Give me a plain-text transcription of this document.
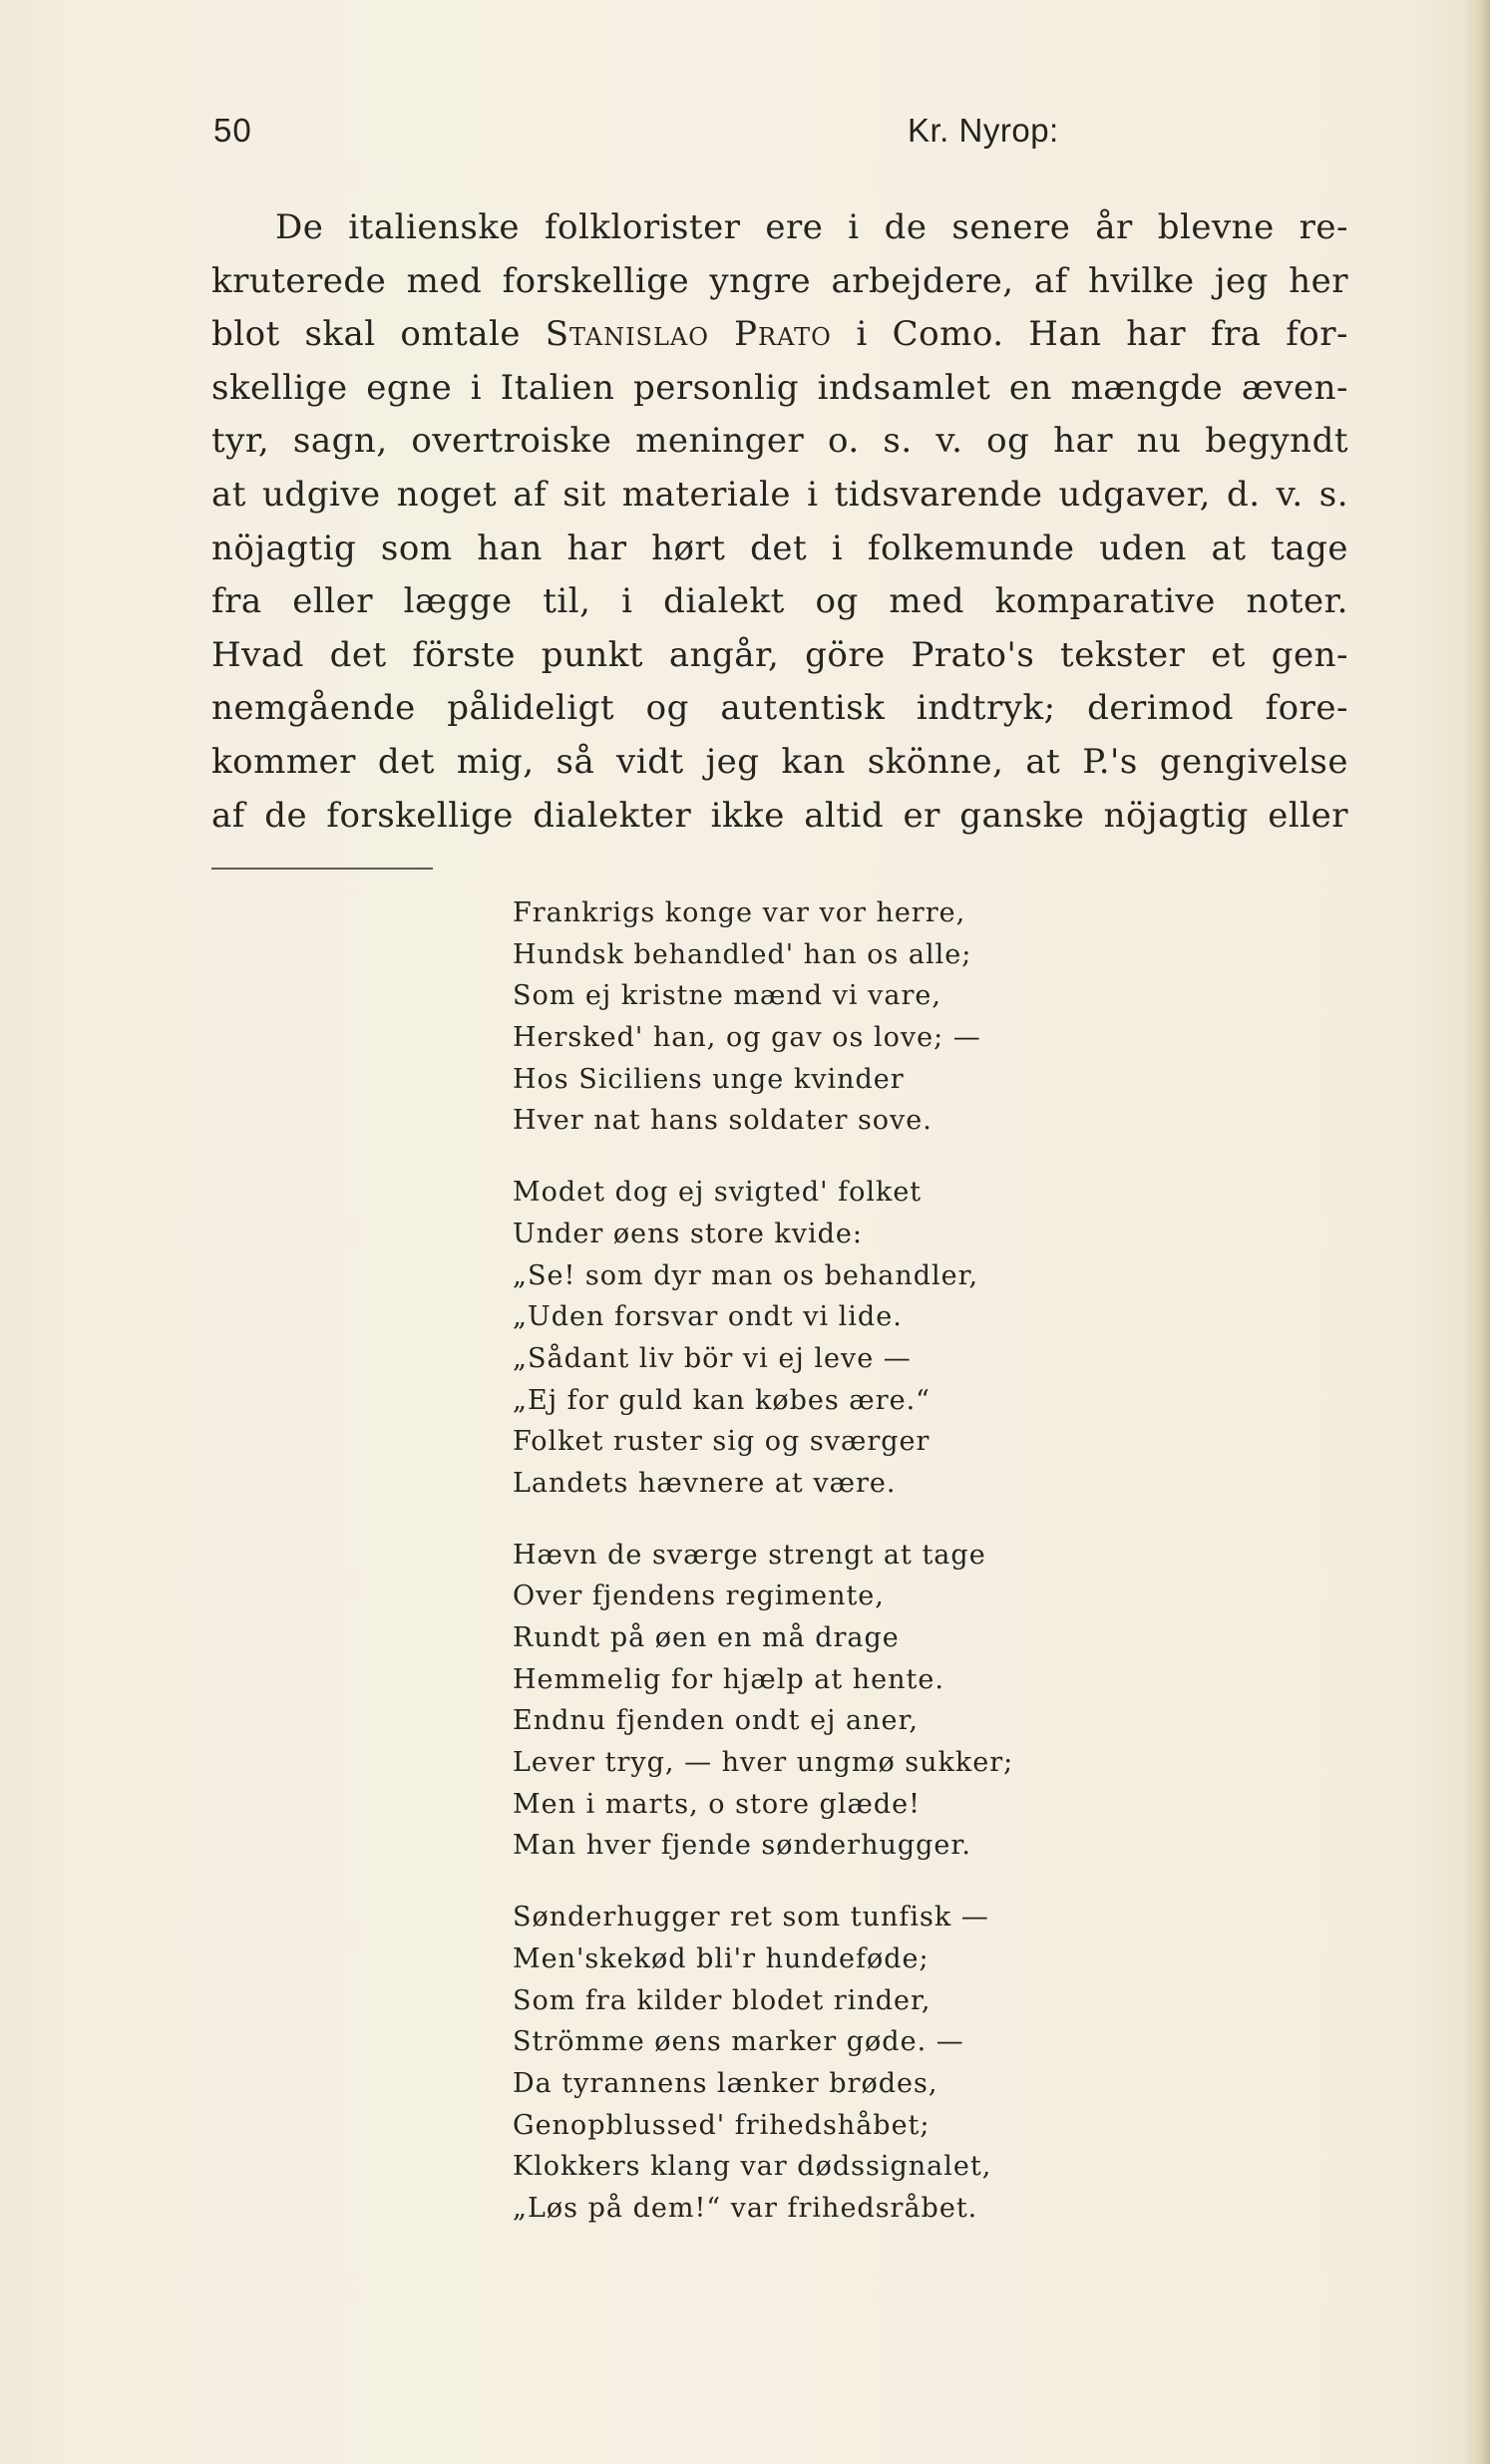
50	Kr. Nyrop:
De italienske folklorister ere i de senere år blevne re-
kruterede med forskellige yngre arbejdere, af hvilke jeg her
blot skal omtale Stanislao Prato i Como. Han har fra for-
skellige egne i Italien personlig indsamlet en mængde æven-
tyr, sagn, overtroiske meninger o. s. v. og har nu begyndt
at udgive noget af sit materiale i tidsvarende udgaver, d. v. s.
nöjagtig som han har hørt det i folkemunde uden at tage
fra eller lægge til, i dialekt og med komparative noter.
Hvad det förste punkt angår, göre Prato's tekster et gen-
nemgående pålideligt og autentisk indtryk; derimod fore-
kommer det mig, så vidt jeg kan skönne, at P.'s gengivelse
af de forskellige dialekter ikke altid er ganske nöjagtig eller
Frankrigs konge var vor herre,
Hundsk behandled' han os alle;
Som ej kristne mænd vi vare,
Hersked' han, og gav os love; —
Hos Siciliens unge kvinder
Hver nat hans soldater sove.
Modet dog ej svigted' folket
Under øens store kvide:
„Se! som dyr man os behandler,
„Uden forsvar ondt vi lide.
„Sådant liv bör vi ej leve —
„Ej for guld kan købes ære.“
Folket ruster sig og sværger
Landets hævnere at være.
Hævn de sværge strengt at tage
Over fjendens regimente,
Rundt på øen en må drage
Hemmelig for hjælp at hente.
Endnu fjenden ondt ej aner,
Lever tryg, — hver ungmø sukker;
Men i marts, o store glæde!
Man hver fjende sønderhugger.
Sønderhugger ret som tunfisk —
Men'skekød bli'r hundeføde;
Som fra kilder blodet rinder,
Strömme øens marker gøde. —
Da tyrannens lænker brødes,
Genopblussed' frihedshåbet;
Klokkers klang var dødssignalet,
„Løs på dem!“ var frihedsråbet.
